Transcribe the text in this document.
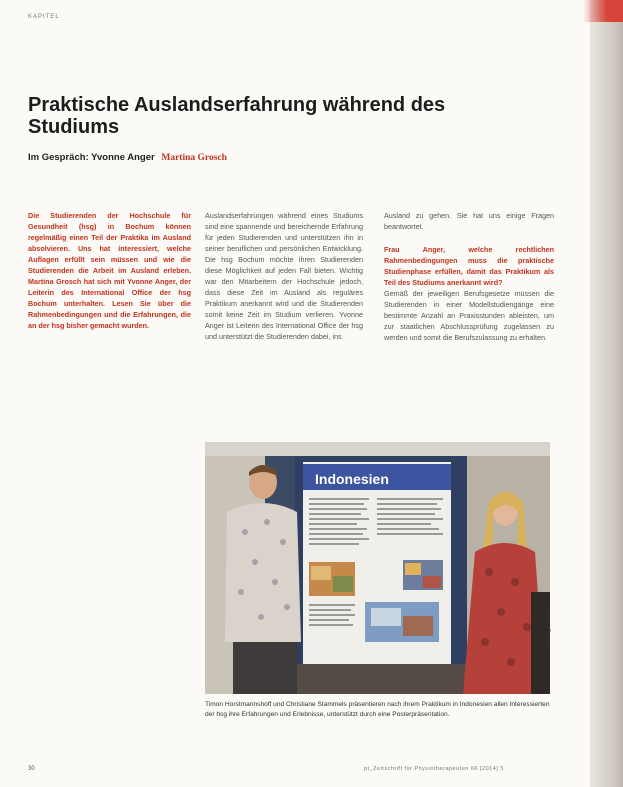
KAPITEL
Praktische Auslandserfahrung während des Studiums
Im Gespräch: Yvonne Anger Martina Grosch

Die Studierenden der Hochschule für Gesundheit (hsg) in Bochum können regelmäßig einen Teil der Praktika im Ausland absolvieren. Uns hat interessiert, welche Auflagen erfüllt sein müssen und wie die Studierenden die Arbeit im Ausland erleben. Martina Grosch hat sich mit Yvonne Anger, der Leiterin des International Office der hsg Bochum unterhalten. Lesen Sie über die Rahmenbedingungen und die Erfahrungen, die an der hsg bisher gemacht wurden.

Auslandserfahrungen während eines Studiums sind eine spannende und bereichernde Erfahrung für jeden Studierenden und unterstützen ihn in seiner beruflichen und persönlichen Entwicklung. Die hsg Bochum möchte ihren Studierenden diese Möglichkeit auf jeden Fall bieten. Wichtig war den Mitarbeitern der Hochschule jedoch, dass diese Zeit im Ausland als reguläres Praktikum anerkannt wird und die Studierenden somit keine Zeit im Studium verlieren. Yvonne Anger ist Leiterin des International Office der hsg und unterstützt die Studierenden dabei, ins

Ausland zu gehen. Sie hat uns einige Fragen beantwortet.
Frau Anger, welche rechtlichen Rahmenbedingungen muss die praktische Studienphase erfüllen, damit das Praktikum als Teil des Studiums anerkannt wird?
Gemäß der jeweiligen Berufsgesetze müssen die Studierenden in einer Modellstudiengänge eine bestimmte Anzahl an Praxisstunden ableisten, um zur staatlichen Abschlussprüfung zugelassen zu werden und somit die Berufszulassung zu erhalten.
Indonesien
Foto: hsg Bochum

Timon Horstmannshoff und Christiane Stammels präsentieren nach ihrem Praktikum in Indonesien allen Interessierten der hsg ihre Erfahrungen und Erlebnisse, unterstützt durch eine Posterpräsentation.

30	pt_Zeitschrift für Physiotherapeuten 66 [2014] 5
